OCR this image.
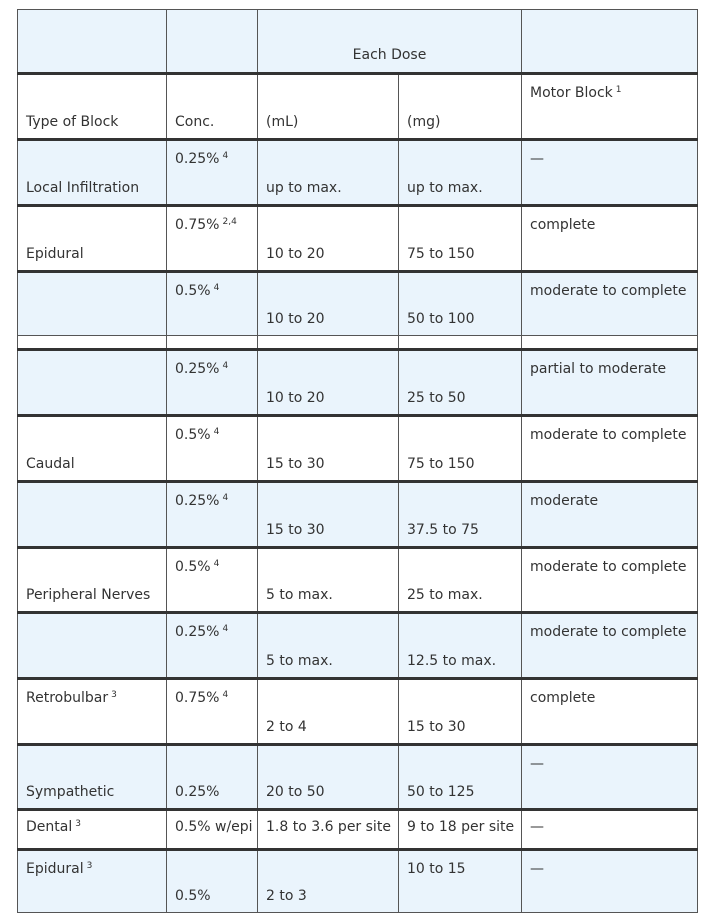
		Each Dose		

Type of Block	Conc.	(mL)	(mg)	Motor Block $^1$

Local Infiltration	0.25% $^4$	up to max.	up to max.	—

Epidural	0.75% $^{2,4}$	10 to 20	75 to 150	complete

	0.5% $^4$	10 to 20	50 to 100	moderate to complete

	0.25% $^4$	10 to 20	25 to 50	partial to moderate

Caudal	0.5% $^4$	15 to 30	75 to 150	moderate to complete

	0.25% $^4$	15 to 30	37.5 to 75	moderate

Peripheral Nerves	0.5% $^4$	5 to max.	25 to max.	moderate to complete

	0.25% $^4$	5 to max.	12.5 to max.	moderate to complete

Retrobulbar $^3$	0.75% $^4$	2 to 4	15 to 30	complete

Sympathetic	0.25%	20 to 50	50 to 125	—

Dental $^3$	0.5% w/epi	1.8 to 3.6 per site	9 to 18 per site	—

Epidural $^3$	0.5%	2 to 3	10 to 15	—
